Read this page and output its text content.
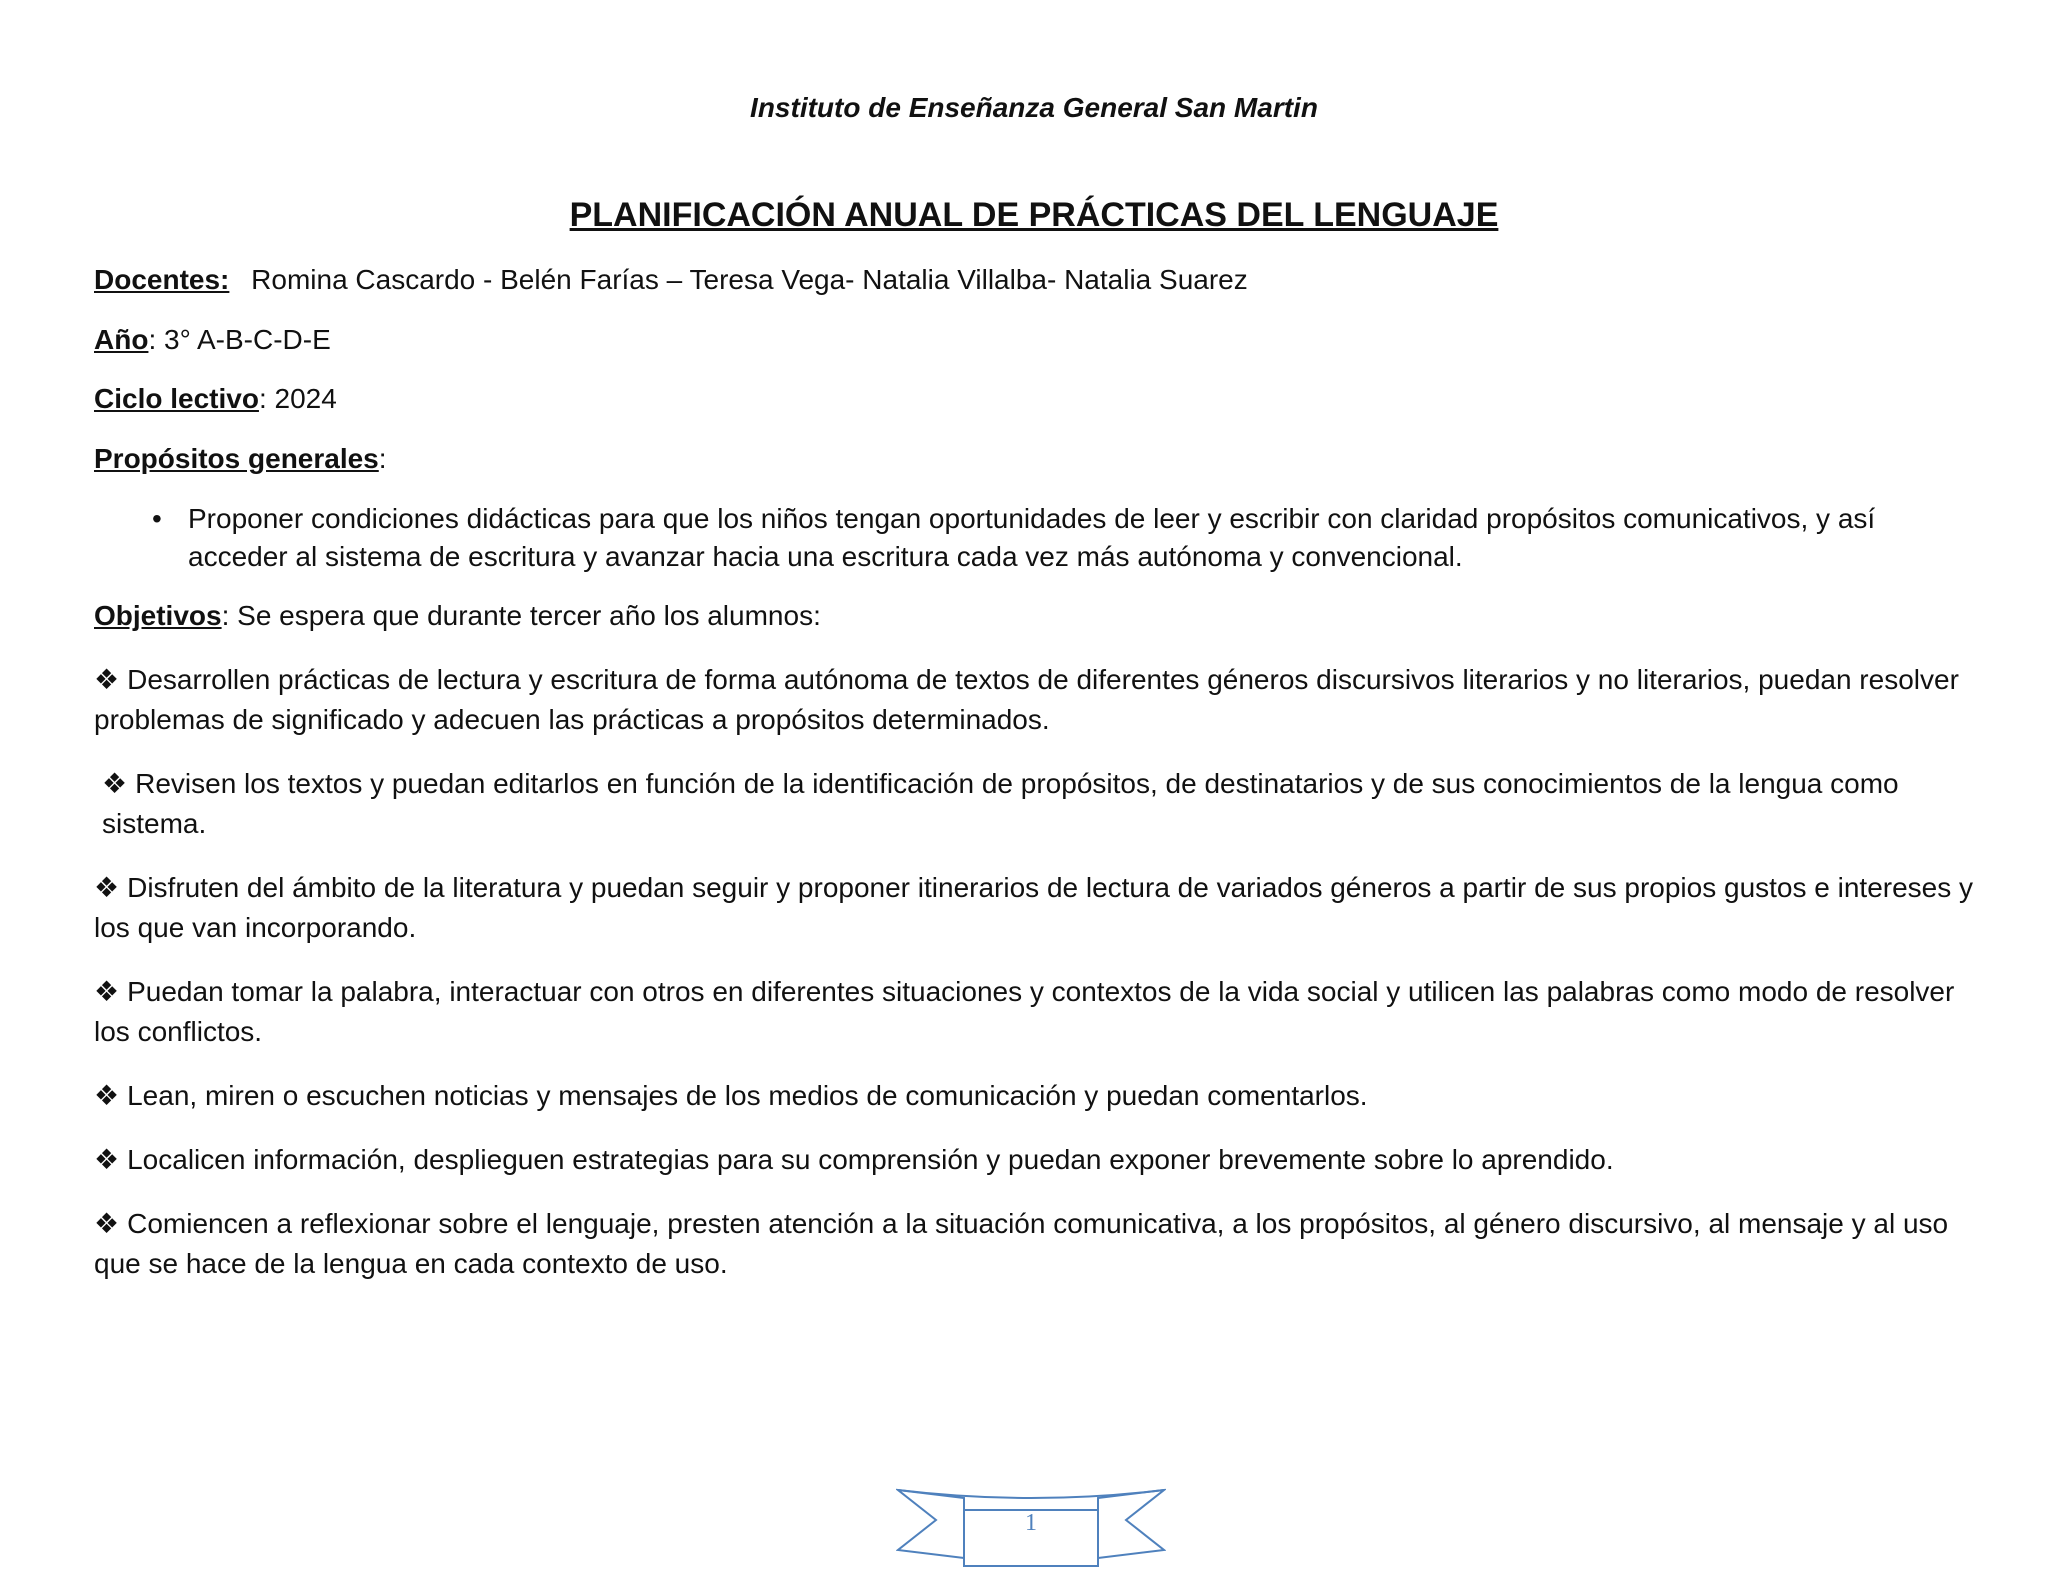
Instituto de Enseñanza General San Martin
PLANIFICACIÓN ANUAL DE PRÁCTICAS DEL LENGUAJE
Docentes: Romina Cascardo - Belén Farías – Teresa Vega- Natalia Villalba- Natalia Suarez
Año: 3° A-B-C-D-E
Ciclo lectivo: 2024
Propósitos generales:
• Proponer condiciones didácticas para que los niños tengan oportunidades de leer y escribir con claridad propósitos comunicativos, y así acceder al sistema de escritura y avanzar hacia una escritura cada vez más autónoma y convencional.
Objetivos: Se espera que durante tercer año los alumnos:

❖ Desarrollen prácticas de lectura y escritura de forma autónoma de textos de diferentes géneros discursivos literarios y no literarios, puedan resolver problemas de significado y adecuen las prácticas a propósitos determinados.

❖ Revisen los textos y puedan editarlos en función de la identificación de propósitos, de destinatarios y de sus conocimientos de la lengua como sistema.

❖ Disfruten del ámbito de la literatura y puedan seguir y proponer itinerarios de lectura de variados géneros a partir de sus propios gustos e intereses y los que van incorporando.

❖ Puedan tomar la palabra, interactuar con otros en diferentes situaciones y contextos de la vida social y utilicen las palabras como modo de resolver los conflictos.

❖ Lean, miren o escuchen noticias y mensajes de los medios de comunicación y puedan comentarlos.

❖ Localicen información, desplieguen estrategias para su comprensión y puedan exponer brevemente sobre lo aprendido.

❖ Comiencen a reflexionar sobre el lenguaje, presten atención a la situación comunicativa, a los propósitos, al género discursivo, al mensaje y al uso que se hace de la lengua en cada contexto de uso.

1
